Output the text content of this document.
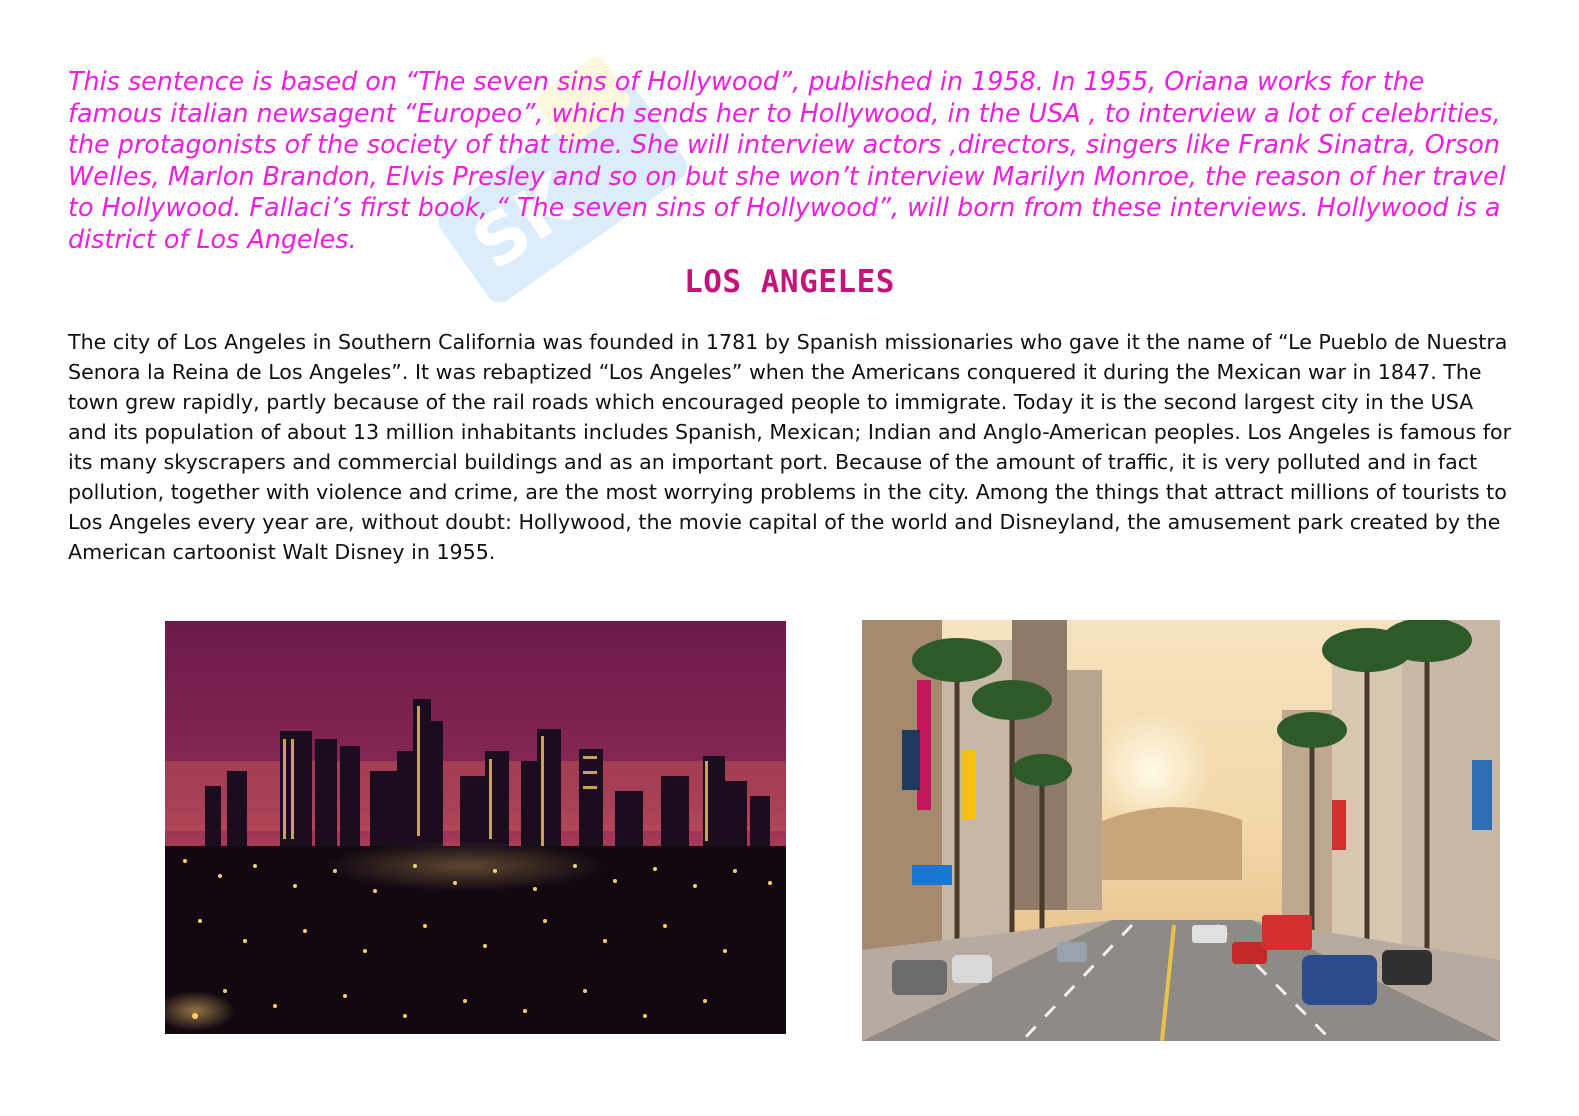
SK

This sentence is based on “The seven sins of Hollywood”, published in 1958. In 1955, Oriana works for the famous italian newsagent “Europeo”, which sends her to Hollywood, in the USA , to interview a lot of celebrities, the protagonists of the society of that time. She will interview actors ,directors, singers like Frank Sinatra, Orson Welles, Marlon Brandon, Elvis Presley and so on but she won’t interview Marilyn Monroe, the reason of her travel to Hollywood. Fallaci’s first book, “ The seven sins of Hollywood”, will born from these interviews. Hollywood is a district of Los Angeles.

LOS ANGELES

The city of Los Angeles in Southern California was founded in 1781 by Spanish missionaries who gave it the name of “Le Pueblo de Nuestra Senora la Reina de Los Angeles”. It was rebaptized “Los Angeles” when the Americans conquered it during the Mexican war in 1847. The town grew rapidly, partly because of the rail roads which encouraged people to immigrate. Today it is the second largest city in the USA and its population of about 13 million inhabitants includes Spanish, Mexican; Indian and Anglo-American peoples. Los Angeles is famous for its many skyscrapers and commercial buildings and as an important port. Because of the amount of traffic, it is very polluted and in fact pollution, together with violence and crime, are the most worrying problems in the city. Among the things that attract millions of tourists to Los Angeles every year are, without doubt: Hollywood, the movie capital of the world and Disneyland, the amusement park created by the American cartoonist Walt Disney in 1955.
